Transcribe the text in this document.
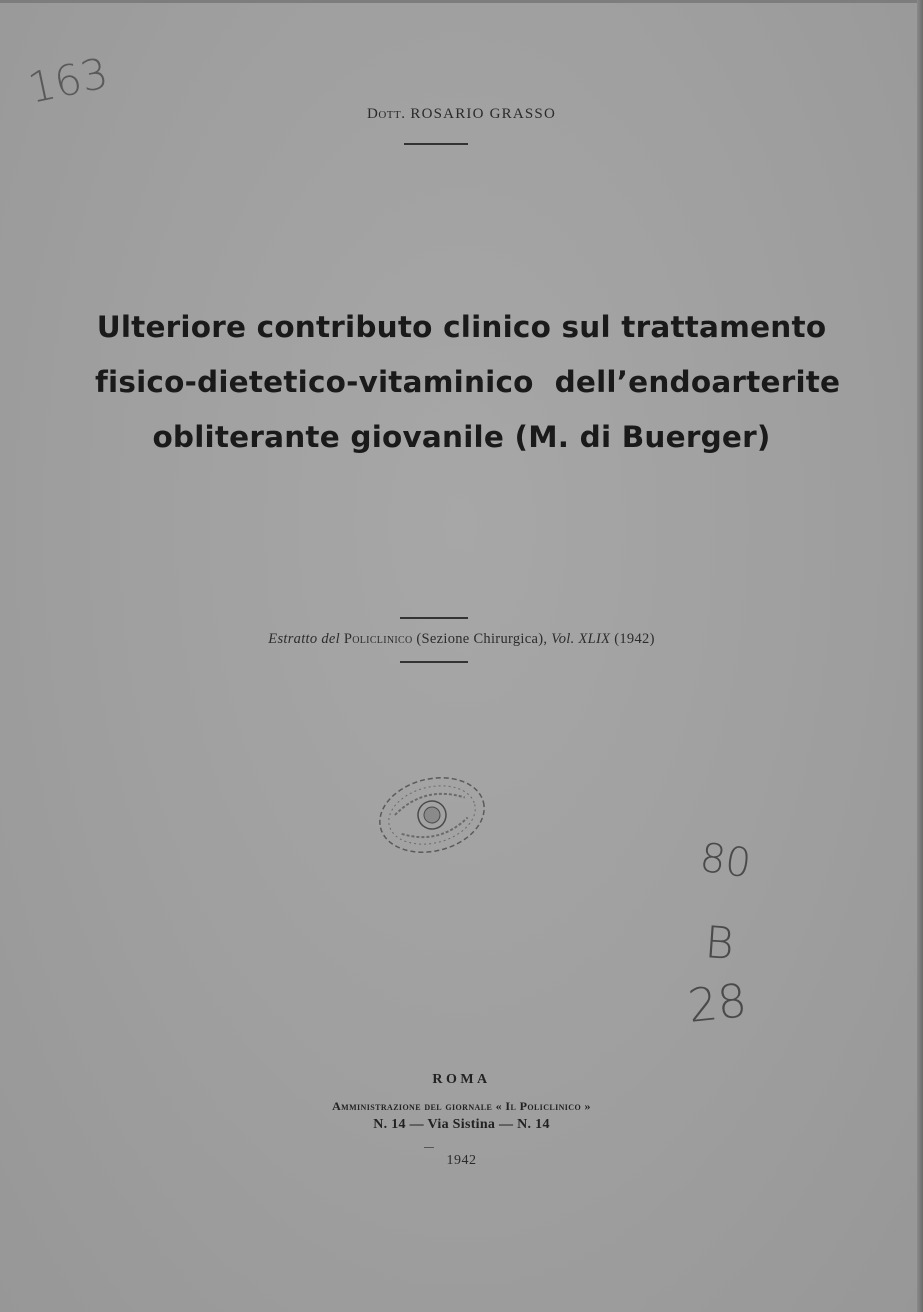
163
Dott. ROSARIO GRASSO
Ulteriore contributo clinico sul trattamento
fisico-dietetico-vitaminico  dell’endoarterite
obliterante giovanile (M. di Buerger)
Estratto del Policlinico (Sezione Chirurgica), Vol. XLIX (1942)
80
B
28
ROMA
Amministrazione del giornale « Il Policlinico »
N. 14 — Via Sistina — N. 14
1942
